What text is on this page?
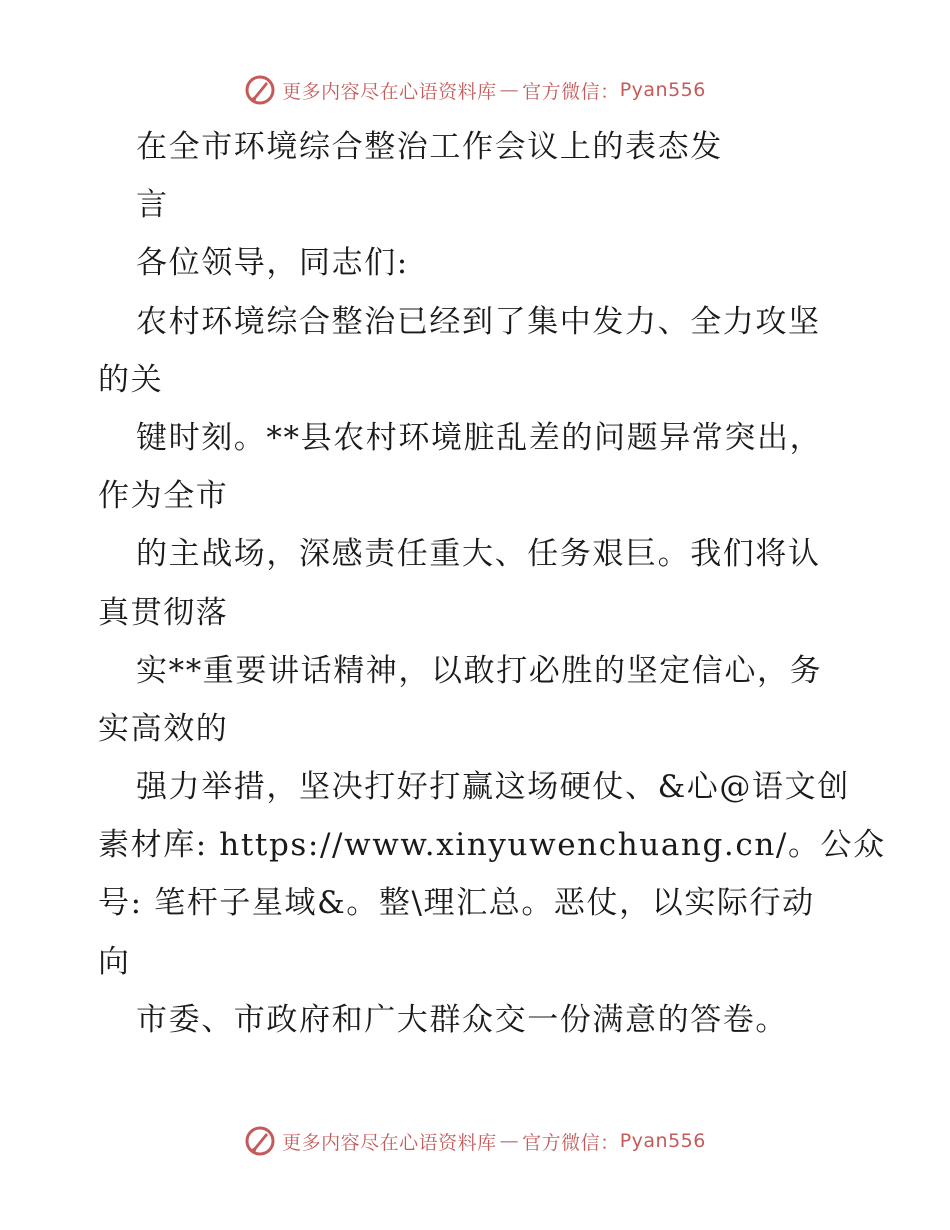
更多内容尽在心语资料库 — 官方微信： Pyan556
在全市环境综合整治工作会议上的表态发
言
各位领导，同志们:
农村环境综合整治已经到了集中发力、全力攻坚
的关
键时刻。**县农村环境脏乱差的问题异常突出，
作为全市
的主战场，深感责任重大、任务艰巨。我们将认
真贯彻落
实**重要讲话精神，以敢打必胜的坚定信心，务
实高效的
强力举措，坚决打好打赢这场硬仗、&心@语文创
素材库: https://www.xinyuwenchuang.cn/。公众
号: 笔杆子星域&。整\理汇总。恶仗，以实际行动
向
市委、市政府和广大群众交一份满意的答卷。
更多内容尽在心语资料库 — 官方微信： Pyan556
